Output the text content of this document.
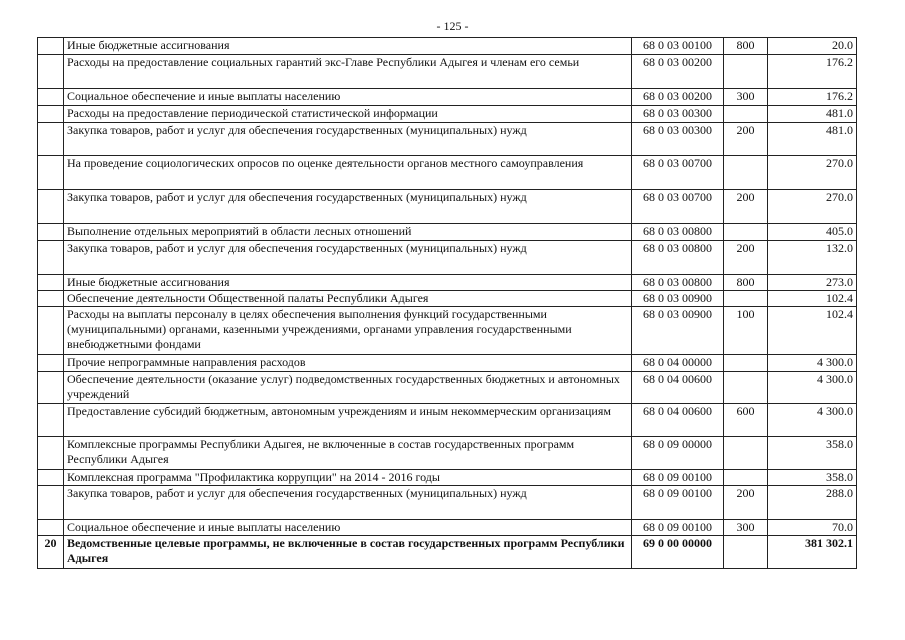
- 125 -
	Иные бюджетные ассигнования	68 0 03 00100	800	20.0
	Расходы на предоставление социальных гарантий экс-Главе Республики Адыгея и членам его семьи	68 0 03 00200		176.2
	Социальное обеспечение и иные выплаты населению	68 0 03 00200	300	176.2
	Расходы на предоставление периодической статистической информации	68 0 03 00300		481.0
	Закупка товаров, работ и услуг для обеспечения государственных (муниципальных) нужд	68 0 03 00300	200	481.0
	На проведение социологических опросов по оценке деятельности органов местного самоуправления	68 0 03 00700		270.0
	Закупка товаров, работ и услуг для обеспечения государственных (муниципальных) нужд	68 0 03 00700	200	270.0
	Выполнение отдельных мероприятий в области лесных отношений	68 0 03 00800		405.0
	Закупка товаров, работ и услуг для обеспечения государственных (муниципальных) нужд	68 0 03 00800	200	132.0
	Иные бюджетные ассигнования	68 0 03 00800	800	273.0
	Обеспечение деятельности Общественной палаты Республики Адыгея	68 0 03 00900		102.4
	Расходы на выплаты персоналу в целях обеспечения выполнения функций государственными (муниципальными) органами, казенными учреждениями, органами управления государственными внебюджетными фондами	68 0 03 00900	100	102.4
	Прочие непрограммные направления расходов	68 0 04 00000		4 300.0
	Обеспечение деятельности (оказание услуг) подведомственных государственных бюджетных и автономных учреждений	68 0 04 00600		4 300.0
	Предоставление субсидий бюджетным, автономным учреждениям и иным некоммерческим организациям	68 0 04 00600	600	4 300.0
	Комплексные программы Республики Адыгея, не включенные в состав государственных программ Республики Адыгея	68 0 09 00000		358.0
	Комплексная программа "Профилактика коррупции" на 2014 - 2016 годы	68 0 09 00100		358.0
	Закупка товаров, работ и услуг для обеспечения государственных (муниципальных) нужд	68 0 09 00100	200	288.0
	Социальное обеспечение и иные выплаты населению	68 0 09 00100	300	70.0
20	Ведомственные целевые программы, не включенные в состав государственных программ Республики Адыгея	69 0 00 00000		381 302.1
